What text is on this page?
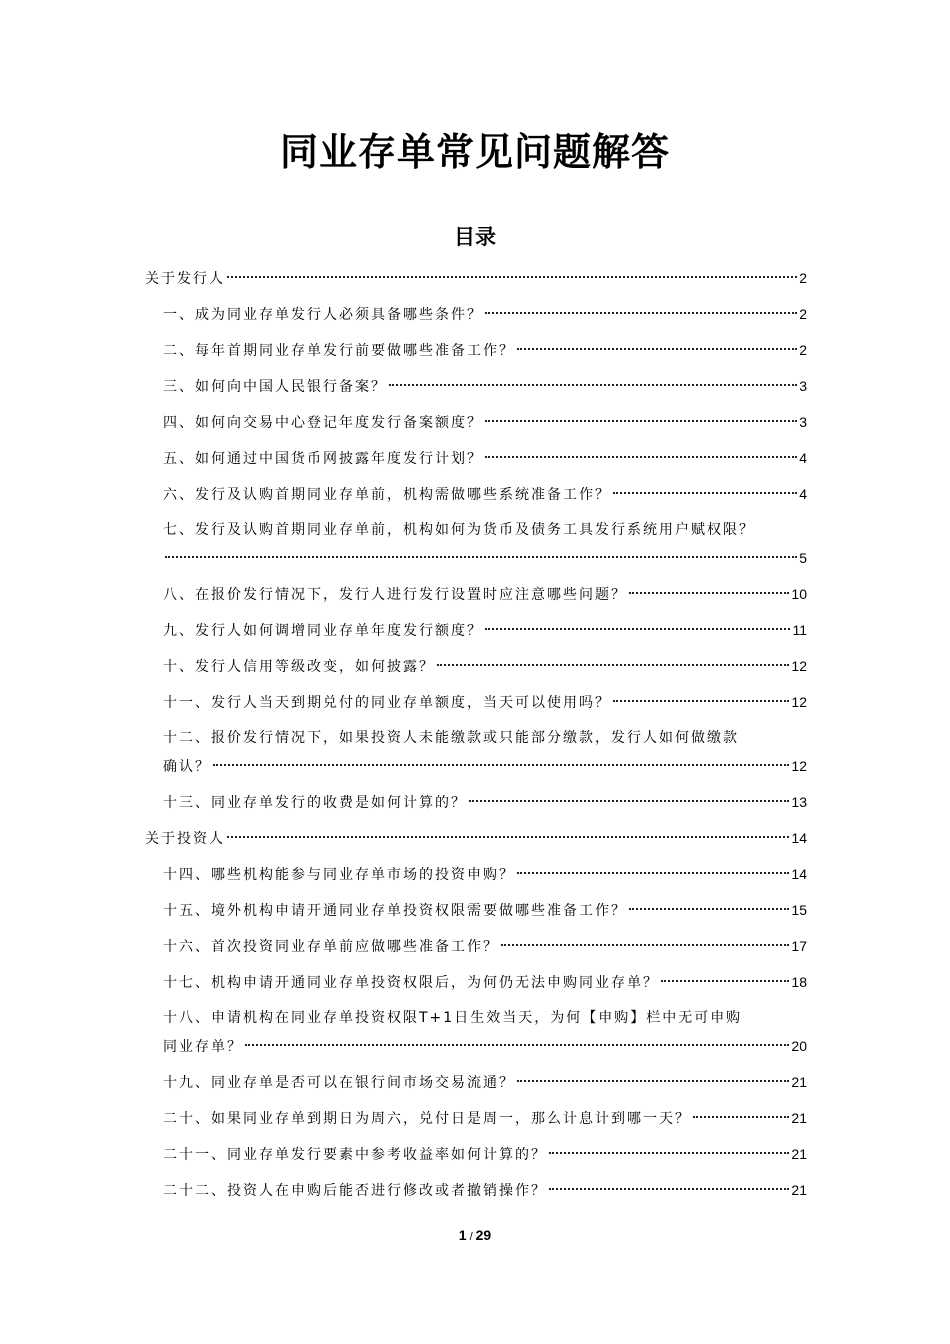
同业存单常见问题解答
目录
关于发行人	2
一、成为同业存单发行人必须具备哪些条件？	2
二、每年首期同业存单发行前要做哪些准备工作？	2
三、如何向中国人民银行备案？	3
四、如何向交易中心登记年度发行备案额度？	3
五、如何通过中国货币网披露年度发行计划？	4
六、发行及认购首期同业存单前，机构需做哪些系统准备工作？	4
七、发行及认购首期同业存单前，机构如何为货币及债务工具发行系统用户赋权限？
5
八、在报价发行情况下，发行人进行发行设置时应注意哪些问题？	10
九、发行人如何调增同业存单年度发行额度？	11
十、发行人信用等级改变，如何披露？	12
十一、发行人当天到期兑付的同业存单额度，当天可以使用吗？	12
十二、报价发行情况下，如果投资人未能缴款或只能部分缴款，发行人如何做缴款
确认？	12
十三、同业存单发行的收费是如何计算的？	13
关于投资人	14
十四、哪些机构能参与同业存单市场的投资申购？	14
十五、境外机构申请开通同业存单投资权限需要做哪些准备工作？	15
十六、首次投资同业存单前应做哪些准备工作？	17
十七、机构申请开通同业存单投资权限后，为何仍无法申购同业存单？	18
十八、申请机构在同业存单投资权限T+1日生效当天，为何【申购】栏中无可申购
同业存单？	20
十九、同业存单是否可以在银行间市场交易流通？	21
二十、如果同业存单到期日为周六，兑付日是周一，那么计息计到哪一天？	21
二十一、同业存单发行要素中参考收益率如何计算的？	21
二十二、投资人在申购后能否进行修改或者撤销操作？	21
1 / 29
